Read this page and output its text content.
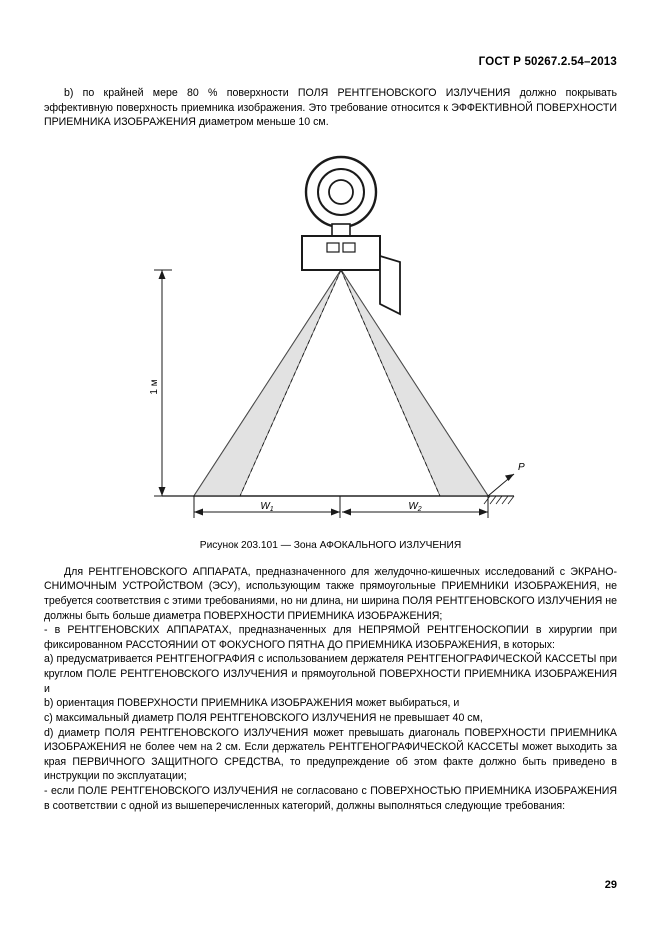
ГОСТ Р 50267.2.54–2013

b) по крайней мере 80 % поверхности ПОЛЯ РЕНТГЕНОВСКОГО ИЗЛУЧЕНИЯ должно покрывать эффективную поверхность приемника изображения. Это требование относится к ЭФФЕКТИВНОЙ ПОВЕРХНОСТИ ПРИЕМНИКА ИЗОБРАЖЕНИЯ диаметром меньше 10 см.

1 м
$W_1$	$W_2$
P
Рисунок 203.101 — Зона АФОКАЛЬНОГО ИЗЛУЧЕНИЯ

Для РЕНТГЕНОВСКОГО АППАРАТА, предназначенного для желудочно-кишечных исследований с ЭКРАНО-СНИМОЧНЫМ УСТРОЙСТВОМ (ЭСУ), использующим также прямоугольные ПРИЕМНИКИ ИЗОБРАЖЕНИЯ, не требуется соответствия с этими требованиями, но ни длина, ни ширина ПОЛЯ РЕНТГЕНОВСКОГО ИЗЛУЧЕНИЯ не должны быть больше диаметра ПОВЕРХНОСТИ ПРИЕМНИКА ИЗОБРАЖЕНИЯ;

- в РЕНТГЕНОВСКИХ АППАРАТАХ, предназначенных для НЕПРЯМОЙ РЕНТГЕНОСКОПИИ в хирургии при фиксированном РАССТОЯНИИ ОТ ФОКУСНОГО ПЯТНА ДО ПРИЕМНИКА ИЗОБРАЖЕНИЯ, в которых:

a) предусматривается РЕНТГЕНОГРАФИЯ с использованием держателя РЕНТГЕНОГРАФИЧЕСКОЙ КАССЕТЫ при круглом ПОЛЕ РЕНТГЕНОВСКОГО ИЗЛУЧЕНИЯ и прямоугольной ПОВЕРХНОСТИ ПРИЕМНИКА ИЗОБРАЖЕНИЯ и

b) ориентация ПОВЕРХНОСТИ ПРИЕМНИКА ИЗОБРАЖЕНИЯ может выбираться, и

c) максимальный диаметр ПОЛЯ РЕНТГЕНОВСКОГО ИЗЛУЧЕНИЯ не превышает 40 см,

d) диаметр ПОЛЯ РЕНТГЕНОВСКОГО ИЗЛУЧЕНИЯ может превышать диагональ ПОВЕРХНОСТИ ПРИЕМНИКА ИЗОБРАЖЕНИЯ не более чем на 2 см. Если держатель РЕНТГЕНОГРАФИЧЕСКОЙ КАССЕТЫ может выходить за края ПЕРВИЧНОГО ЗАЩИТНОГО СРЕДСТВА, то предупреждение об этом факте должно быть приведено в инструкции по эксплуатации;

- если ПОЛЕ РЕНТГЕНОВСКОГО ИЗЛУЧЕНИЯ не согласовано с ПОВЕРХНОСТЬЮ ПРИЕМНИКА ИЗОБРАЖЕНИЯ в соответствии с одной из вышеперечисленных категорий, должны выполняться следующие требования:

29
